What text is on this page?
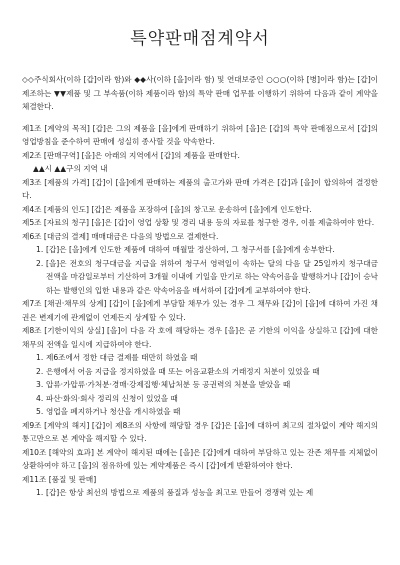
특약판매점계약서

◇◇주식회사(이하 [갑]이라 함)와 ◆◆사(이하 [을]이라 함) 및 연대보증인 ○○○(이하 [병]이라 함)는 [갑]이 제조하는 ▼▼제품 및 그 부속품(이하 제품이라 함)의 특약 판매 업무를 이행하기 위하여 다음과 같이 계약을 체결한다.

제1조 [계약의 목적] [갑]은 그의 제품을 [을]에게 판매하기 위하여 [을]은 [갑]의 특약 판매점으로서 [갑]의 영업방침을 준수하여 판매에 성실히 종사할 것을 약속한다.

제2조 [판매구역] [을]은 아래의 지역에서 [갑]의 제품을 판매한다.

▲▲시 ▲▲구의 지역 내

제3조 [제품의 가격] [갑]이 [을]에게 판매하는 제품의 출고가와 판매 가격은 [갑]과 [을]이 합의하여 결정한다.

제4조 [제품의 인도] [갑]은 제품을 포장하여 [을]의 창고로 운송하여 [을]에게 인도한다.

제5조 [자료의 청구] [을]은 [갑]이 영업 상황 및 경리 내용 등의 자료를 청구한 경우, 이를 제출하여야 한다.

제6조 [대금의 결제] 매매대금은 다음의 방법으로 결제한다.

1. [갑]은 [을]에게 인도한 제품에 대하여 매월말 정산하여, 그 청구서를 [을]에게 송부한다.
2. [을]은 전호의 청구대금을 지급을 위하여 청구서 영력일이 속하는 달의 다음 달 25일까지 청구대금 전액을 마감일로부터 기산하여 3개월 이내에 기일을 만기로 하는 약속어음을 발행하거나 [갑]이 승낙하는 발행인의 입한 내용과 같은 약속어음을 배서하여 [갑]에게 교부하여야 한다.

제7조 [채권·채무의 상계] [갑]이 [을]에게 부담할 채무가 있는 경우 그 채무와 [갑]이 [을]에 대하여 가진 채권은 변제기에 관계없이 언제든지 상계할 수 있다.

제8조 [기한이익의 상실] [을]이 다음 각 호에 해당하는 경우 [을]은 곧 기한의 이익을 상실하고 [갑]에 대한 채무의 전액을 일시에 지급하여야 한다.

1. 제6조에서 정한 대금 결제를 태만히 하였을 때
2. 은행에서 어음 지급을 정지하였을 때 또는 어음교환소의 거래정지 처분이 있었을 때
3. 압류·가압류·가처분·경매·강제집행·체납처분 등 공권력의 처분을 받았을 때
4. 파산·화의·회사 정리의 신청이 있었을 때
5. 영업을 폐지하거나 청산을 개시하였을 때

제9조 [계약의 해지] [갑]이 제8조의 사항에 해당할 경우 [갑]은 [을]에 대하여 최고의 절차없이 계약 해지의 통고만으로 본 계약을 해지할 수 있다.

제10조 [해약의 효과] 본 계약이 해지된 때에는 [을]은 [갑]에게 대하여 부담하고 있는 잔존 채무를 지체없이 상환하여야 하고 [을]의 점유하에 있는 계약제품은 즉시 [갑]에게 반환하여야 한다.

제11조 [품질 및 판매]

1. [갑]은 항상 최선의 방법으로 제품의 품질과 성능을 최고로 만들어 경쟁력 있는 제
